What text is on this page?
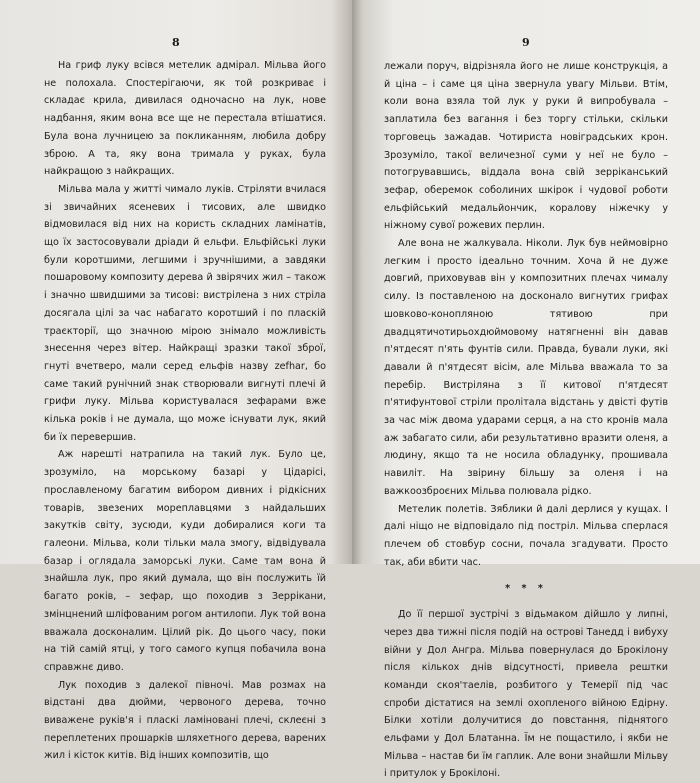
8

На гриф луку всівся метелик адмірал. Мільва його не полохала. Спостерігаючи, як той розкриває і складає крила, дивилася одночасно на лук, нове надбання, яким вона все ще не перестала втішатися. Була вона лучницею за покликанням, любила добру зброю. А та, яку вона тримала у руках, була найкращою з найкращих.

Мільва мала у житті чимало луків. Стріляти вчилася зі звичайних ясеневих і тисових, але швидко відмовилася від них на користь складних ламінатів, що їх застосовували дріади й ельфи. Ельфійські луки були коротшими, легшими і зручнішими, а завдяки пошаровому композиту дерева й звірячих жил – також і значно швидшими за тисові: вистрілена з них стріла досягала цілі за час набагато коротший і по пласкій траєкторії, що значною мірою знімало можливість знесення через вітер. Найкращі зразки такої зброї, гнуті вчетверо, мали серед ельфів назву zefhar, бо саме такий рунічний знак створювали вигнуті плечі й грифи луку. Мільва користувалася зефарами вже кілька років і не думала, що може існувати лук, який би їх перевершив.

Аж нарешті натрапила на такий лук. Було це, зрозуміло, на морському базарі у Цідарісі, прославленому багатим вибором дивних і рідкісних товарів, звезених мореплавцями з найдальших закутків світу, зусюди, куди добиралися коги та галеони. Мільва, коли тільки мала змогу, відвідувала базар і оглядала заморські луки. Саме там вона й знайшла лук, про який думала, що він послужить їй багато років, – зефар, що походив з Зеррікани, змінцнений шліфованим рогом антилопи. Лук той вона вважала досконалим. Цілий рік. До цього часу, поки на тій самій ятці, у того самого купця побачила вона справжнє диво.

Лук походив з далекої півночі. Мав розмах на відстані два дюйми, червоного дерева, точно виважене руків'я і пласкі ламіновані плечі, склеєні з переплетених прошарків шляхетного дерева, варених жил і кісток китів. Від інших композитів, що

9

лежали поруч, відрізняла його не лише конструкція, а й ціна – і саме ця ціна звернула увагу Мільви. Втім, коли вона взяла той лук у руки й випробувала – заплатила без вагання і без торгу стільки, скільки торговець зажадав. Чотириста новіградських крон. Зрозуміло, такої величезної суми у неї не було – потогрувавшись, віддала вона свій зерріканський зефар, оберемок соболиних шкірок і чудової роботи ельфійський медальйончик, коралову ніжечку у ніжному сувої рожевих перлин.

Але вона не жалкувала. Ніколи. Лук був неймовірно легким і просто ідеально точним. Хоча й не дуже довгий, приховував він у композитних плечах чималу силу. Із поставленою на досконало вигнутих грифах шовково-конопляною тятивою при двадцятичотирьохдюймовому натягненні він давав п'ятдесят п'ять фунтів сили. Правда, бували луки, які давали й п'ятдесят вісім, але Мільва вважала то за перебір. Вистріляна з її китової п'ятдесят п'ятифунтової стріли пролітала відстань у двісті футів за час між двома ударами серця, а на сто кронів мала аж забагато сили, аби результативно вразити оленя, а людину, якщо та не носила обладунку, прошивала навиліт. На звірину більшу за оленя і на важкоозброєних Мільва полювала рідко.

Метелик полетів. Зяблики й далі дерлися у кущах. І далі ніщо не відповідало під постріл. Мільва сперлася плечем об стовбур сосни, почала згадувати. Просто так, аби вбити час.

* * *

До її першої зустрічі з відьмаком дійшло у липні, через два тижні після подій на острові Танедд і вибуху війни у Дол Ангра. Мільва повернулася до Брокілону після кількох днів відсутності, привела рештки команди скоя'таелів, розбитого у Темерії під час спроби дістатися на землі охопленого війною Едірну. Білки хотіли долучитися до повстання, піднятого ельфами у Дол Блатанна. Їм не пощастило, і якби не Мільва – настав би їм гаплик. Але вони знайшли Мільву і притулок у Брокілоні.
